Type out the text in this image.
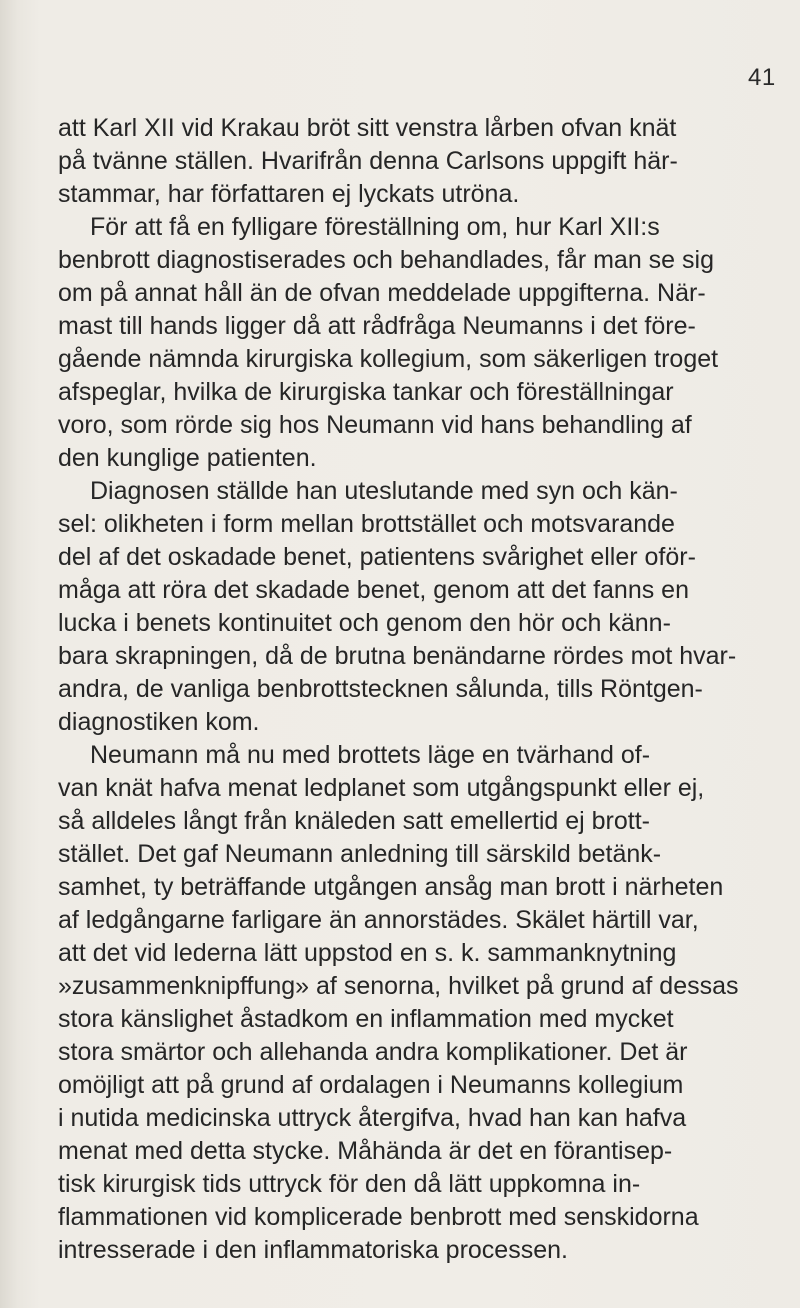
41
att Karl XII vid Krakau bröt sitt venstra lårben ofvan knät
på tvänne ställen. Hvarifrån denna Carlsons uppgift här-
stammar, har författaren ej lyckats utröna.
För att få en fylligare föreställning om, hur Karl XII:s
benbrott diagnostiserades och behandlades, får man se sig
om på annat håll än de ofvan meddelade uppgifterna. När-
mast till hands ligger då att rådfråga Neumanns i det före-
gående nämnda kirurgiska kollegium, som säkerligen troget
afspeglar, hvilka de kirurgiska tankar och föreställningar
voro, som rörde sig hos Neumann vid hans behandling af
den kunglige patienten.
Diagnosen ställde han uteslutande med syn och kän-
sel: olikheten i form mellan brottstället och motsvarande
del af det oskadade benet, patientens svårighet eller oför-
måga att röra det skadade benet, genom att det fanns en
lucka i benets kontinuitet och genom den hör och känn-
bara skrapningen, då de brutna benändarne rördes mot hvar-
andra, de vanliga benbrottstecknen sålunda, tills Röntgen-
diagnostiken kom.
Neumann må nu med brottets läge en tvärhand of-
van knät hafva menat ledplanet som utgångspunkt eller ej,
så alldeles långt från knäleden satt emellertid ej brott-
stället. Det gaf Neumann anledning till särskild betänk-
samhet, ty beträffande utgången ansåg man brott i närheten
af ledgångarne farligare än annorstädes. Skälet härtill var,
att det vid lederna lätt uppstod en s. k. sammanknytning
»zusammenknipffung» af senorna, hvilket på grund af dessas
stora känslighet åstadkom en inflammation med mycket
stora smärtor och allehanda andra komplikationer. Det är
omöjligt att på grund af ordalagen i Neumanns kollegium
i nutida medicinska uttryck återgifva, hvad han kan hafva
menat med detta stycke. Måhända är det en förantisep-
tisk kirurgisk tids uttryck för den då lätt uppkomna in-
flammationen vid komplicerade benbrott med senskidorna
intresserade i den inflammatoriska processen.
